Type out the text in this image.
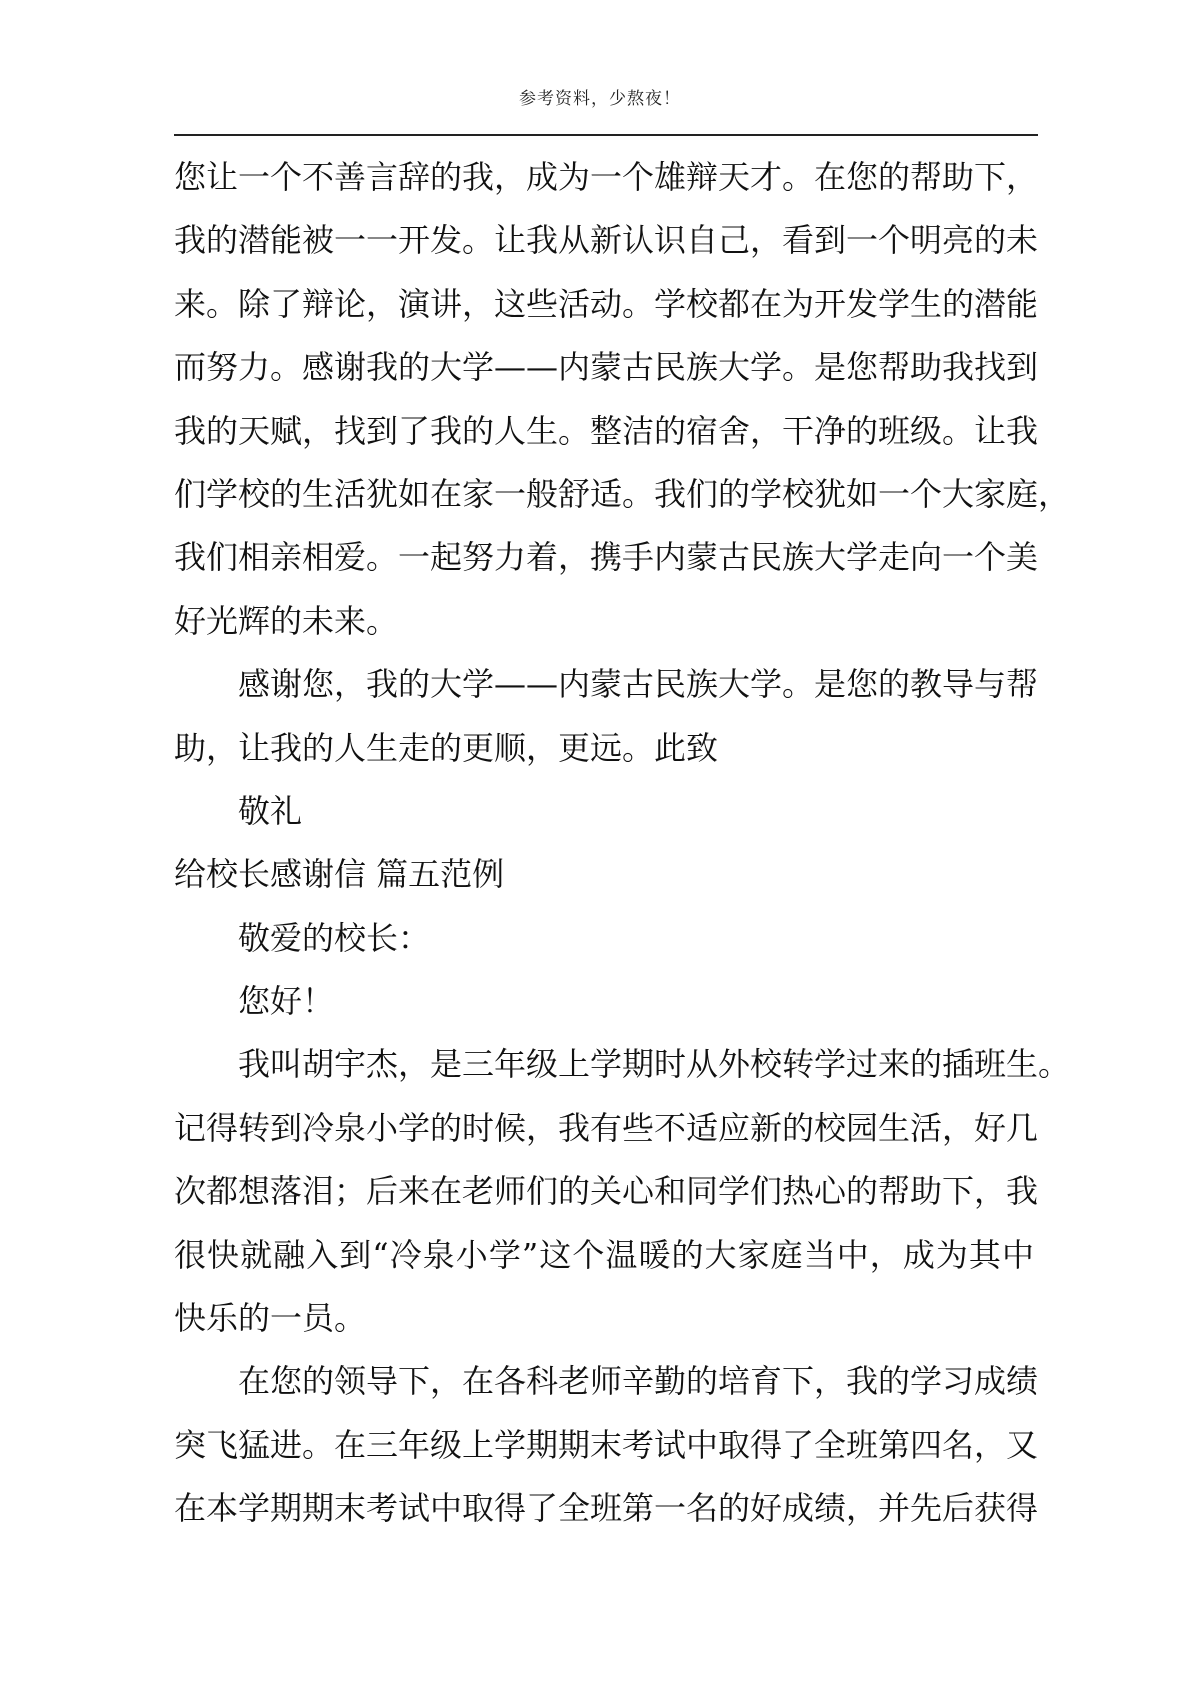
参考资料，少熬夜！
您让一个不善言辞的我，成为一个雄辩天才。在您的帮助下，
我的潜能被一一开发。让我从新认识自己，看到一个明亮的未
来。除了辩论，演讲，这些活动。学校都在为开发学生的潜能
而努力。感谢我的大学——内蒙古民族大学。是您帮助我找到
我的天赋，找到了我的人生。整洁的宿舍，干净的班级。让我
们学校的生活犹如在家一般舒适。我们的学校犹如一个大家庭，
我们相亲相爱。一起努力着，携手内蒙古民族大学走向一个美
好光辉的未来。
感谢您，我的大学——内蒙古民族大学。是您的教导与帮
助，让我的人生走的更顺，更远。此致
敬礼
给校长感谢信 篇五范例
敬爱的校长：
您好！
我叫胡宇杰，是三年级上学期时从外校转学过来的插班生。
记得转到冷泉小学的时候，我有些不适应新的校园生活，好几
次都想落泪；后来在老师们的关心和同学们热心的帮助下，我
很快就融入到“冷泉小学”这个温暖的大家庭当中，成为其中
快乐的一员。
在您的领导下，在各科老师辛勤的培育下，我的学习成绩
突飞猛进。在三年级上学期期末考试中取得了全班第四名，又
在本学期期末考试中取得了全班第一名的好成绩，并先后获得
